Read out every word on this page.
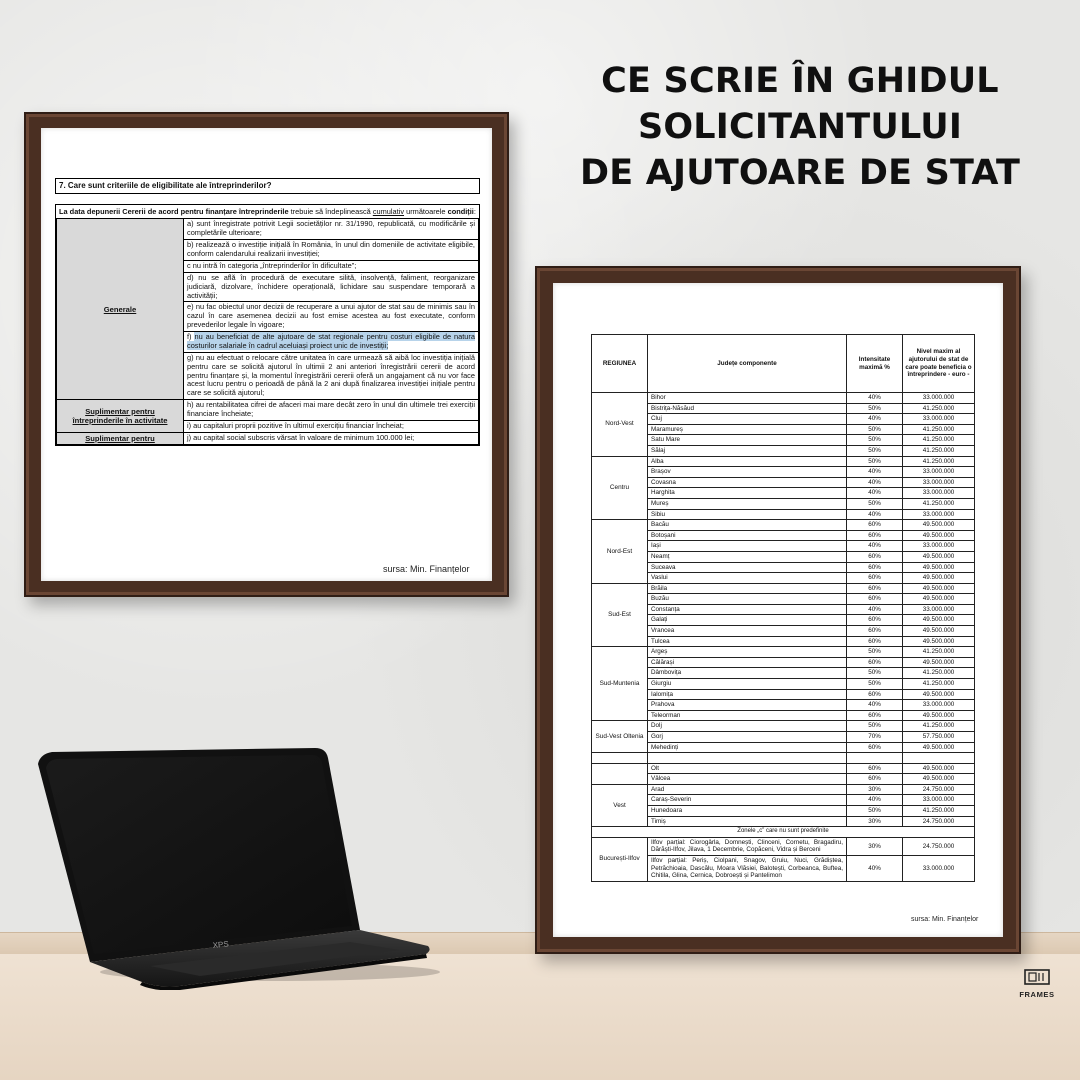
CE SCRIE ÎN GHIDUL
SOLICITANTULUI
DE AJUTOARE DE STAT
7. Care sunt criteriile de eligibilitate ale întreprinderilor?
La data depunerii Cererii de acord pentru finanțare întreprinderile trebuie să îndeplinească cumulativ următoarele condiții:
Generale	a) sunt înregistrate potrivit Legii societăților nr. 31/1990, republicată, cu modificările și completările ulterioare;
	b) realizează o investiție inițială în România, în unul din domeniile de activitate eligibile, conform calendarului realizarii investiției;
	c nu intră în categoria „întreprinderilor în dificultate”;
	d) nu se află în procedură de executare silită, insolvență, faliment, reorganizare judiciară, dizolvare, închidere operațională, lichidare sau suspendare temporară a activității;
	e) nu fac obiectul unor decizii de recuperare a unui ajutor de stat sau de minimis sau în cazul în care asemenea decizii au fost emise acestea au fost executate, conform prevederilor legale în vigoare;
	f) nu au beneficiat de alte ajutoare de stat regionale pentru costuri eligibile de natura costurilor salariale în cadrul aceluiași proiect unic de investiții;
	g) nu au efectuat o relocare către unitatea în care urmează să aibă loc investiția inițială pentru care se solicită ajutorul în ultimii 2 ani anteriori înregistrării cererii de acord pentru finanțare și, la momentul înregistrării cererii oferă un angajament că nu vor face acest lucru pentru o perioadă de până la 2 ani după finalizarea investiției inițiale pentru care se solicită ajutorul;
Suplimentar pentru întreprinderile în activitate	h) au rentabilitatea cifrei de afaceri mai mare decât zero în unul din ultimele trei exerciții financiare încheiate;
	i) au capitaluri proprii pozitive în ultimul exercițiu financiar încheiat;
Suplimentar pentru	j) au capital social subscris vărsat în valoare de minimum 100.000 lei;
sursa: Min. Finanțelor
REGIUNEA	Județe componente	Intensitate maximă %	Nivel maxim al ajutorului de stat de care poate beneficia o întreprindere - euro -
Nord-Vest	Bihor	40%	33.000.000
	Bistrița-Năsăud	50%	41.250.000
	Cluj	40%	33.000.000
	Maramureș	50%	41.250.000
	Satu Mare	50%	41.250.000
	Sălaj	50%	41.250.000
Centru	Alba	50%	41.250.000
	Brașov	40%	33.000.000
	Covasna	40%	33.000.000
	Harghita	40%	33.000.000
	Mureș	50%	41.250.000
	Sibiu	40%	33.000.000
Nord-Est	Bacău	60%	49.500.000
	Botoșani	60%	49.500.000
	Iași	40%	33.000.000
	Neamț	60%	49.500.000
	Suceava	60%	49.500.000
	Vaslui	60%	49.500.000
Sud-Est	Brăila	60%	49.500.000
	Buzău	60%	49.500.000
	Constanța	40%	33.000.000
	Galați	60%	49.500.000
	Vrancea	60%	49.500.000
	Tulcea	60%	49.500.000
Sud-Muntenia	Argeș	50%	41.250.000
	Călărași	60%	49.500.000
	Dâmbovița	50%	41.250.000
	Giurgiu	50%	41.250.000
	Ialomița	60%	49.500.000
	Prahova	40%	33.000.000
	Teleorman	60%	49.500.000
Sud-Vest Oltenia	Dolj	50%	41.250.000
	Gorj	70%	57.750.000
	Mehedinți	60%	49.500.000

	Olt	60%	49.500.000
	Vâlcea	60%	49.500.000
Vest	Arad	30%	24.750.000
	Caraș-Severin	40%	33.000.000
	Hunedoara	50%	41.250.000
	Timiș	30%	24.750.000
Zonele „c” care nu sunt predefinite			
București-Ilfov	Ilfov parțial: Ciorogârla, Domnești, Clinceni, Cornetu, Bragadiru, Dărăști-Ilfov, Jilava, 1 Decembrie, Copăceni, Vidra și Berceni	30%	24.750.000
	Ilfov parțial: Periș, Ciolpani, Snagov, Gruiu, Nuci, Grădiștea, Petrăchioaia, Dascălu, Moara Vlăsiei, Balotești, Corbeanca, Buftea, Chitila, Glina, Cernica, Dobroești și Pantelimon	40%	33.000.000
sursa: Min. Finanțelor
XPS
FRAMES
